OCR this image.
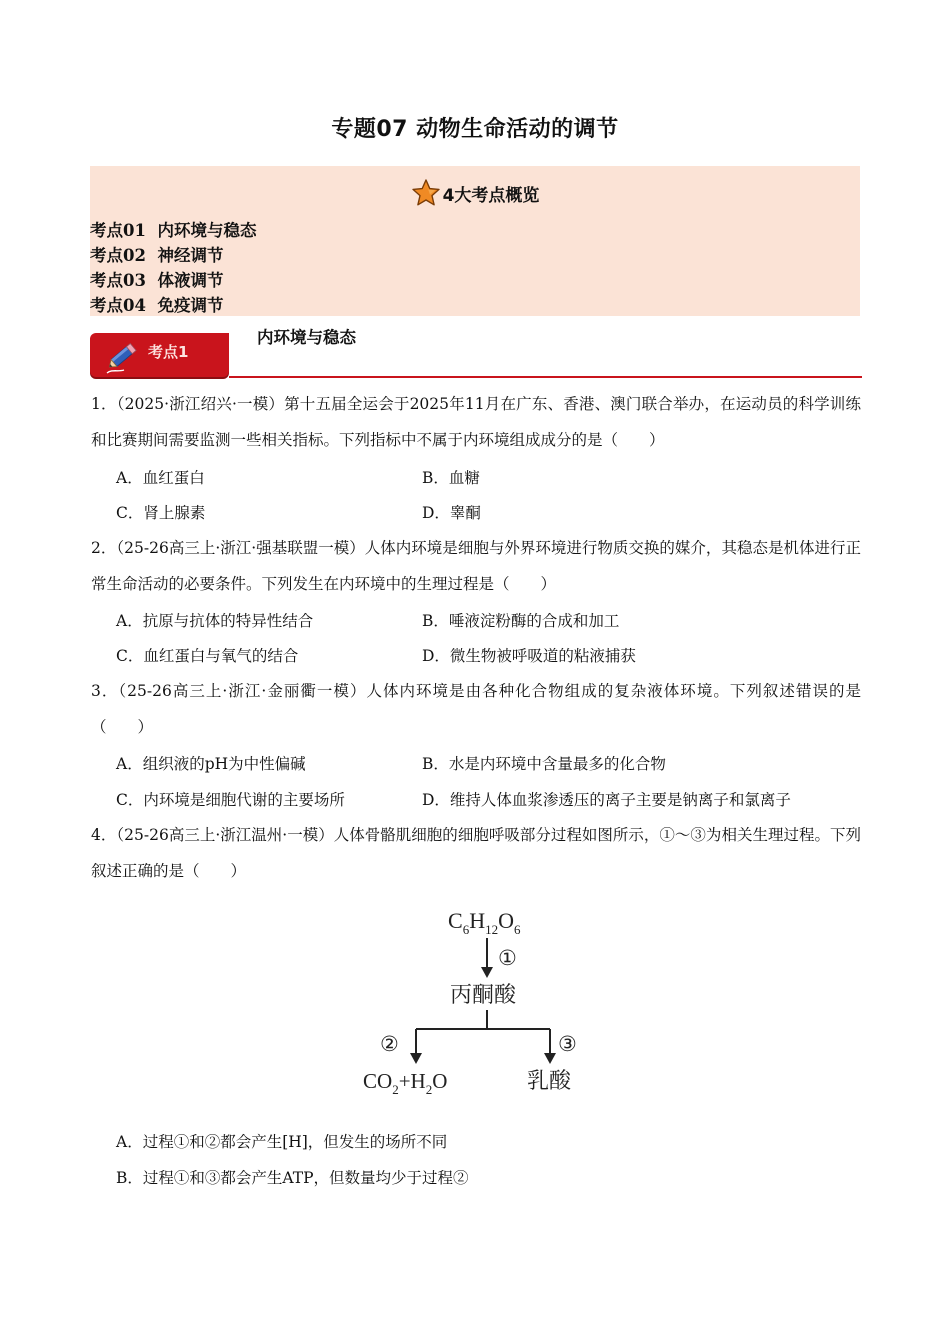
专题07 动物生命活动的调节
4大考点概览
考点01 内环境与稳态
考点02 神经调节
考点03 体液调节
考点04 免疫调节
考点1
内环境与稳态
1．（2025·浙江绍兴·一模）第十五届全运会于2025年11月在广东、香港、澳门联合举办，在运动员的科学训练和比赛期间需要监测一些相关指标。下列指标中不属于内环境组成成分的是（　　）
A．血红蛋白	B．血糖
C．肾上腺素	D．睾酮
2．（25-26高三上·浙江·强基联盟一模）人体内环境是细胞与外界环境进行物质交换的媒介，其稳态是机体进行正常生命活动的必要条件。下列发生在内环境中的生理过程是（　　）
A．抗原与抗体的特异性结合	B．唾液淀粉酶的合成和加工
C．血红蛋白与氧气的结合	D．微生物被呼吸道的粘液捕获
3．（25-26高三上·浙江·金丽衢一模）人体内环境是由各种化合物组成的复杂液体环境。下列叙述错误的是（　　）
A．组织液的pH为中性偏碱	B．水是内环境中含量最多的化合物
C．内环境是细胞代谢的主要场所	D．维持人体血浆渗透压的离子主要是钠离子和氯离子
4．（25-26高三上·浙江温州·一模）人体骨骼肌细胞的细胞呼吸部分过程如图所示，①～③为相关生理过程。下列叙述正确的是（　　）
$C_6H_{12}O_6$
①
丙酮酸
②	③
$CO_2+H_2O$	乳酸
A．过程①和②都会产生[H]，但发生的场所不同
B．过程①和③都会产生ATP，但数量均少于过程②
